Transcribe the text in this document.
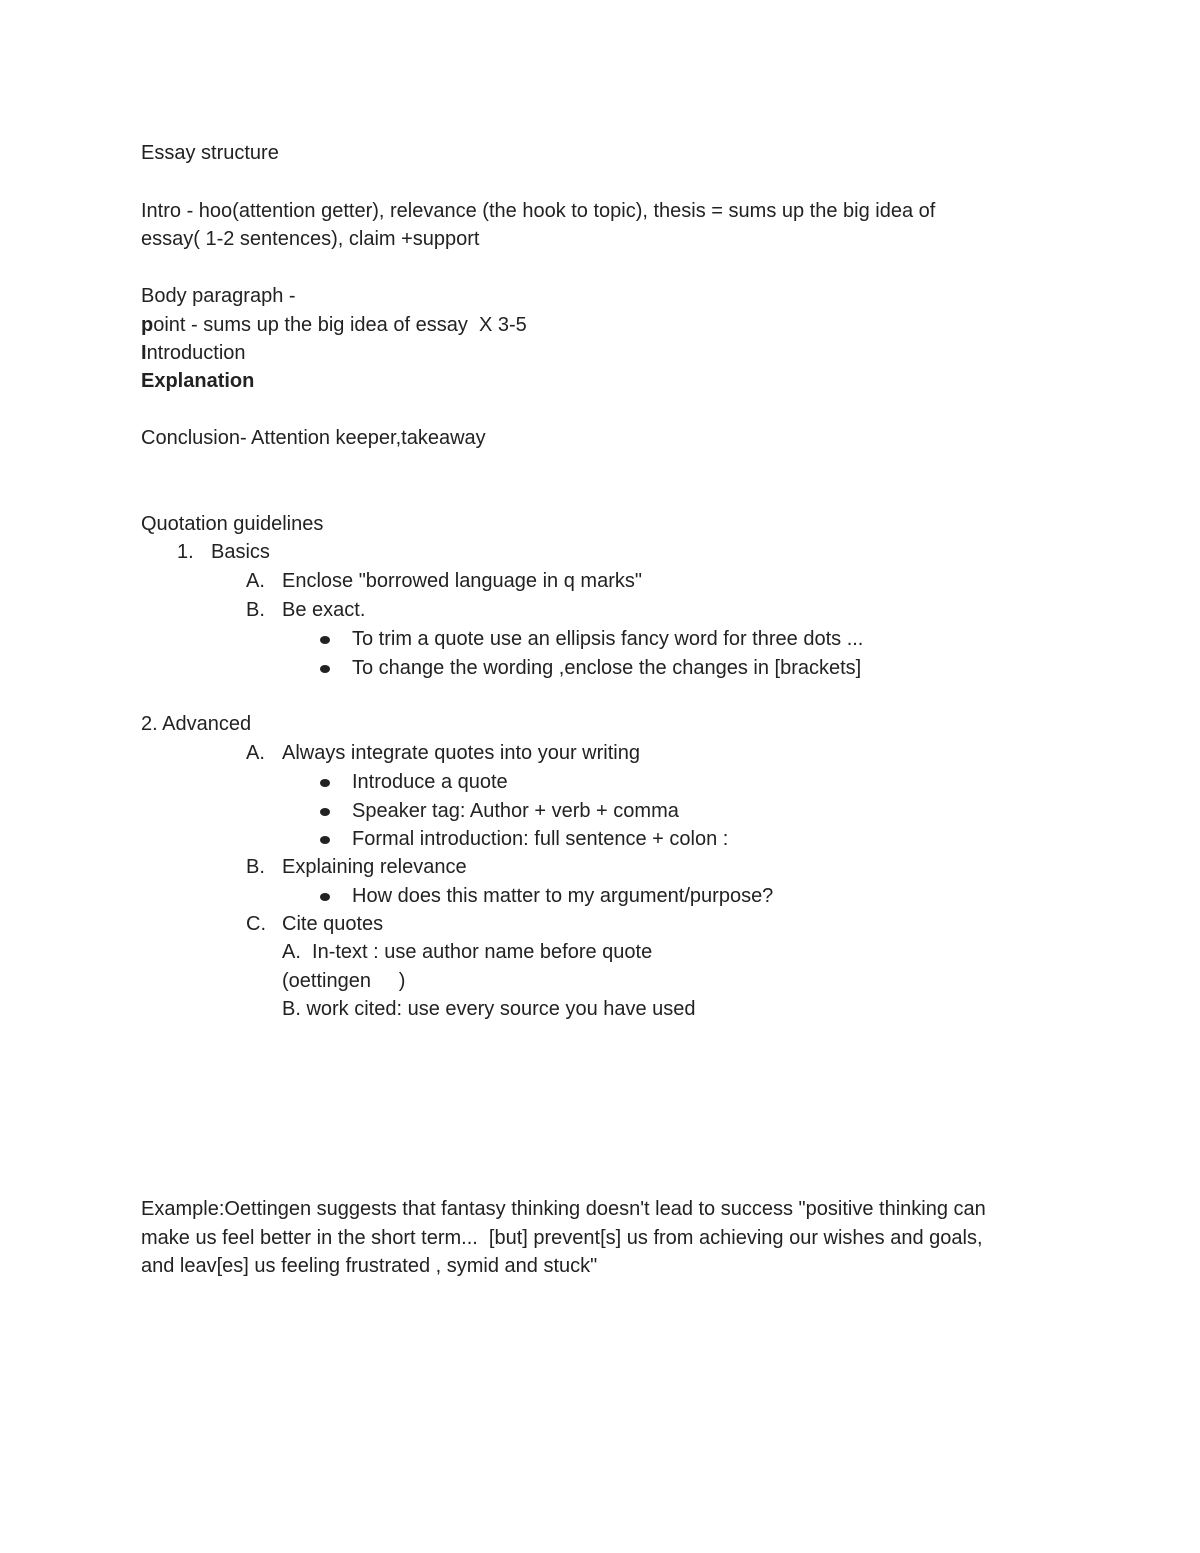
Essay structure
Intro - hoo(attention getter), relevance (the hook to topic), thesis = sums up the big idea of
essay( 1-2 sentences), claim +support
Body paragraph -
point - sums up the big idea of essay  X 3-5
Introduction
Explanation
Conclusion- Attention keeper,takeaway
Quotation guidelines
1. Basics
A. Enclose "borrowed language in q marks"
B. Be exact.
To trim a quote use an ellipsis fancy word for three dots ...
To change the wording ,enclose the changes in [brackets]
2. Advanced
A. Always integrate quotes into your writing
Introduce a quote
Speaker tag: Author + verb + comma
Formal introduction: full sentence + colon :
B. Explaining relevance
How does this matter to my argument/purpose?
C. Cite quotes
A.  In-text : use author name before quote
(oettingen     )
B. work cited: use every source you have used
Example:Oettingen suggests that fantasy thinking doesn't lead to success "positive thinking can
make us feel better in the short term...  [but] prevent[s] us from achieving our wishes and goals,
and leav[es] us feeling frustrated , symid and stuck"
